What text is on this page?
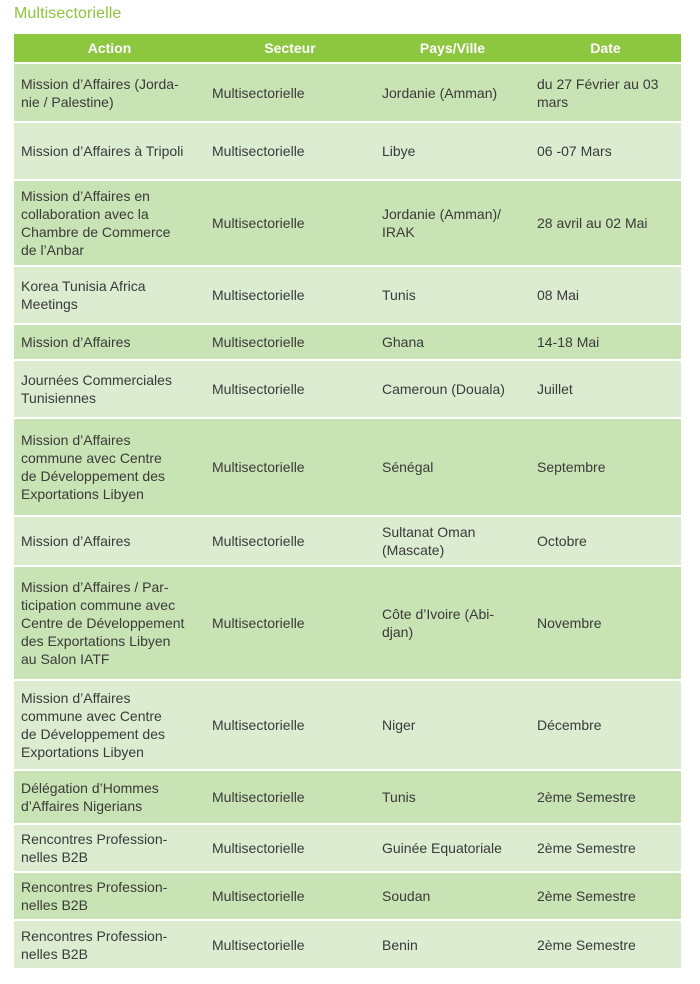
Multisectorielle
Action	Secteur	Pays/Ville	Date
Mission d’Affaires (Jorda-
nie / Palestine)	Multisectorielle	Jordanie (Amman)	du 27 Février au 03
mars
Mission d’Affaires à Tripoli	Multisectorielle	Libye	06 -07 Mars
Mission d’Affaires en
collaboration avec la
Chambre de Commerce
de l’Anbar	Multisectorielle	Jordanie (Amman)/
IRAK	28 avril au 02 Mai
Korea Tunisia Africa
Meetings	Multisectorielle	Tunis	08 Mai
Mission d’Affaires	Multisectorielle	Ghana	14-18 Mai
Journées Commerciales
Tunisiennes	Multisectorielle	Cameroun (Douala)	Juillet
Mission d’Affaires
commune avec Centre
de Développement des
Exportations Libyen	Multisectorielle	Sénégal	Septembre
Mission d’Affaires	Multisectorielle	Sultanat Oman
(Mascate)	Octobre
Mission d’Affaires / Par-
ticipation commune avec
Centre de Développement
des Exportations Libyen
au Salon IATF	Multisectorielle	Côte d’Ivoire (Abi-
djan)	Novembre
Mission d’Affaires
commune avec Centre
de Développement des
Exportations Libyen	Multisectorielle	Niger	Décembre
Délégation d’Hommes
d’Affaires Nigerians	Multisectorielle	Tunis	2ème Semestre
Rencontres Profession-
nelles B2B	Multisectorielle	Guinée Equatoriale	2ème Semestre
Rencontres Profession-
nelles B2B	Multisectorielle	Soudan	2ème Semestre
Rencontres Profession-
nelles B2B	Multisectorielle	Benin	2ème Semestre
